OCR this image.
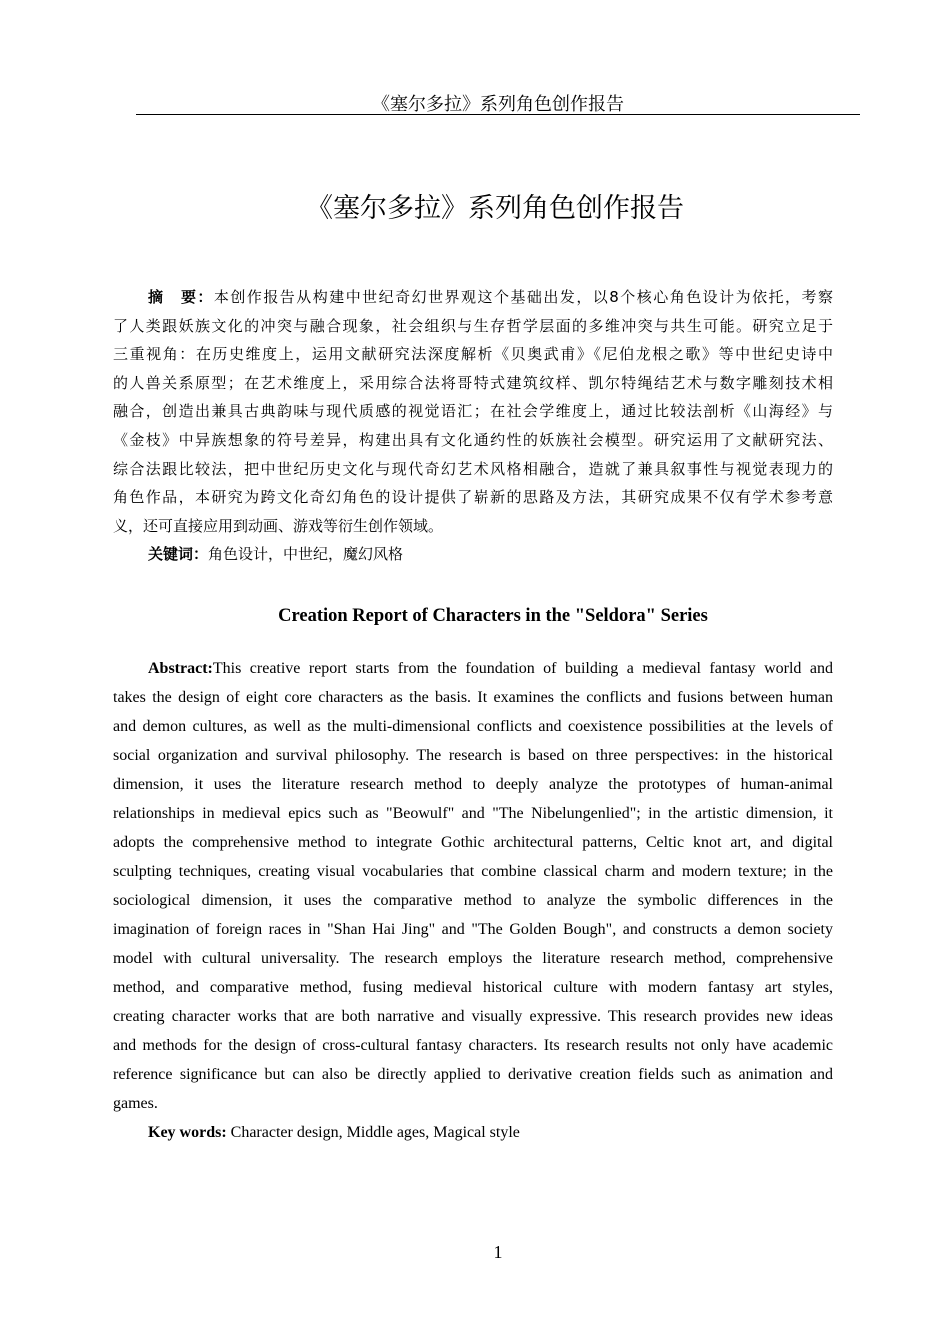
《塞尔多拉》系列角色创作报告
《塞尔多拉》系列角色创作报告
摘　要：本创作报告从构建中世纪奇幻世界观这个基础出发，以8个核心角色设计为依托，考察
了人类跟妖族文化的冲突与融合现象，社会组织与生存哲学层面的多维冲突与共生可能。研究立足于
三重视角：在历史维度上，运用文献研究法深度解析《贝奥武甫》《尼伯龙根之歌》等中世纪史诗中
的人兽关系原型；在艺术维度上，采用综合法将哥特式建筑纹样、凯尔特绳结艺术与数字雕刻技术相
融合，创造出兼具古典韵味与现代质感的视觉语汇；在社会学维度上，通过比较法剖析《山海经》与
《金枝》中异族想象的符号差异，构建出具有文化通约性的妖族社会模型。研究运用了文献研究法、
综合法跟比较法，把中世纪历史文化与现代奇幻艺术风格相融合，造就了兼具叙事性与视觉表现力的
角色作品，本研究为跨文化奇幻角色的设计提供了崭新的思路及方法，其研究成果不仅有学术参考意
义，还可直接应用到动画、游戏等衍生创作领域。
关键词：角色设计，中世纪，魔幻风格
Creation Report of Characters in the "Seldora" Series
Abstract:This creative report starts from the foundation of building a medieval fantasy world and
takes the design of eight core characters as the basis. It examines the conflicts and fusions between human
and demon cultures, as well as the multi-dimensional conflicts and coexistence possibilities at the levels of
social organization and survival philosophy. The research is based on three perspectives: in the historical
dimension, it uses the literature research method to deeply analyze the prototypes of human-animal
relationships in medieval epics such as "Beowulf" and "The Nibelungenlied"; in the artistic dimension, it
adopts the comprehensive method to integrate Gothic architectural patterns, Celtic knot art, and digital
sculpting techniques, creating visual vocabularies that combine classical charm and modern texture; in the
sociological dimension, it uses the comparative method to analyze the symbolic differences in the
imagination of foreign races in "Shan Hai Jing" and "The Golden Bough", and constructs a demon society
model with cultural universality. The research employs the literature research method, comprehensive
method, and comparative method, fusing medieval historical culture with modern fantasy art styles,
creating character works that are both narrative and visually expressive. This research provides new ideas
and methods for the design of cross-cultural fantasy characters. Its research results not only have academic
reference significance but can also be directly applied to derivative creation fields such as animation and
games.
Key words: Character design, Middle ages, Magical style
1
